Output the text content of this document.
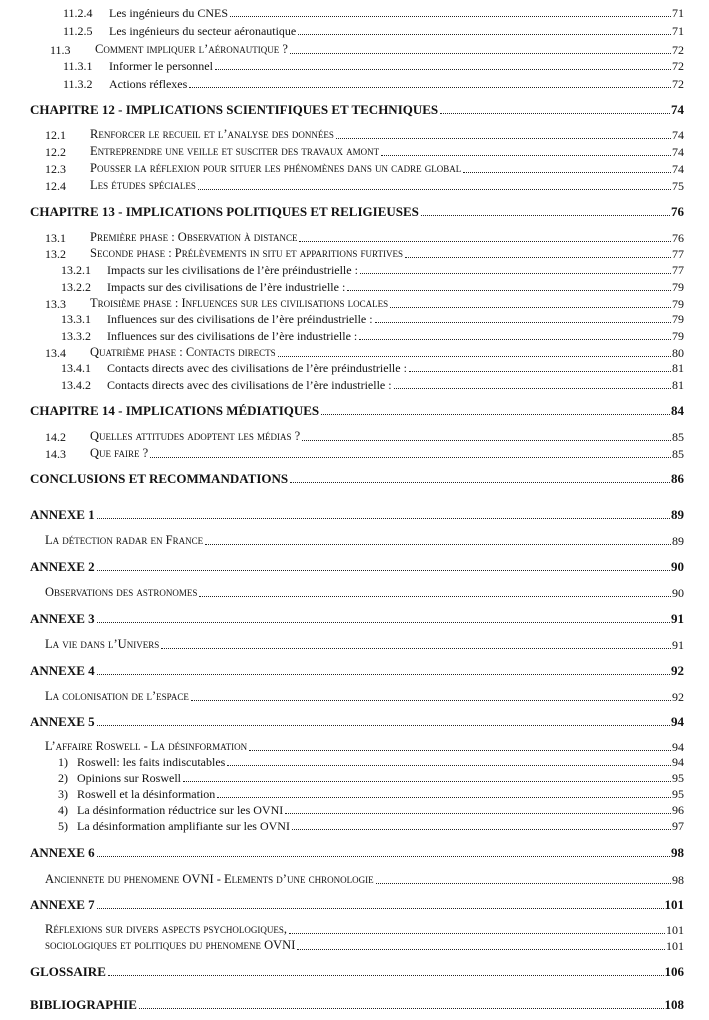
11.2.4	Les ingénieurs du CNES	71
11.2.5	Les ingénieurs du secteur aéronautique	71
11.3	Comment impliquer l’aéronautique ?	72
11.3.1	Informer le personnel	72
11.3.2	Actions réflexes	72
CHAPITRE 12 - IMPLICATIONS SCIENTIFIQUES ET TECHNIQUES	74
12.1	Renforcer le recueil et l’analyse des données	74
12.2	Entreprendre une veille et susciter des travaux amont	74
12.3	Pousser la réflexion pour situer les phénomènes dans un cadre global	74
12.4	Les études spéciales	75
CHAPITRE 13 - IMPLICATIONS POLITIQUES ET RELIGIEUSES	76
13.1	Première phase : Observation à distance	76
13.2	Seconde phase : Prélèvements in situ et apparitions furtives	77
13.2.1	Impacts sur les civilisations de l’ère préindustrielle :	77
13.2.2	Impacts sur des civilisations de l’ère industrielle :	79
13.3	Troisième phase : Influences sur les civilisations locales	79
13.3.1	Influences sur des civilisations de l’ère préindustrielle :	79
13.3.2	Influences sur des civilisations de l’ère industrielle :	79
13.4	Quatrième phase : Contacts directs	80
13.4.1	Contacts directs avec des civilisations de l’ère préindustrielle :	81
13.4.2	Contacts directs avec des civilisations de l’ère industrielle :	81
CHAPITRE 14 - IMPLICATIONS MÉDIATIQUES	84
14.2	Quelles attitudes adoptent les médias ?	85
14.3	Que faire ?	85
CONCLUSIONS ET RECOMMANDATIONS	86
ANNEXE 1	89
La détection radar en France	89
ANNEXE 2	90
Observations des astronomes	90
ANNEXE 3	91
La vie dans l’Univers	91
ANNEXE 4	92
La colonisation de l’espace	92
ANNEXE 5	94
L’affaire Roswell - La désinformation	94
1) Roswell: les faits indiscutables	94
2) Opinions sur Roswell	95
3) Roswell et la désinformation	95
4) La désinformation réductrice sur les OVNI	96
5) La désinformation amplifiante sur les OVNI	97
ANNEXE 6	98
Anciennete du phenomene OVNI - Elements d’une chronologie	98
ANNEXE 7	101
Réflexions sur divers aspects psychologiques,	101
sociologiques et politiques du phenomene OVNI	101
GLOSSAIRE	106
BIBLIOGRAPHIE	108
